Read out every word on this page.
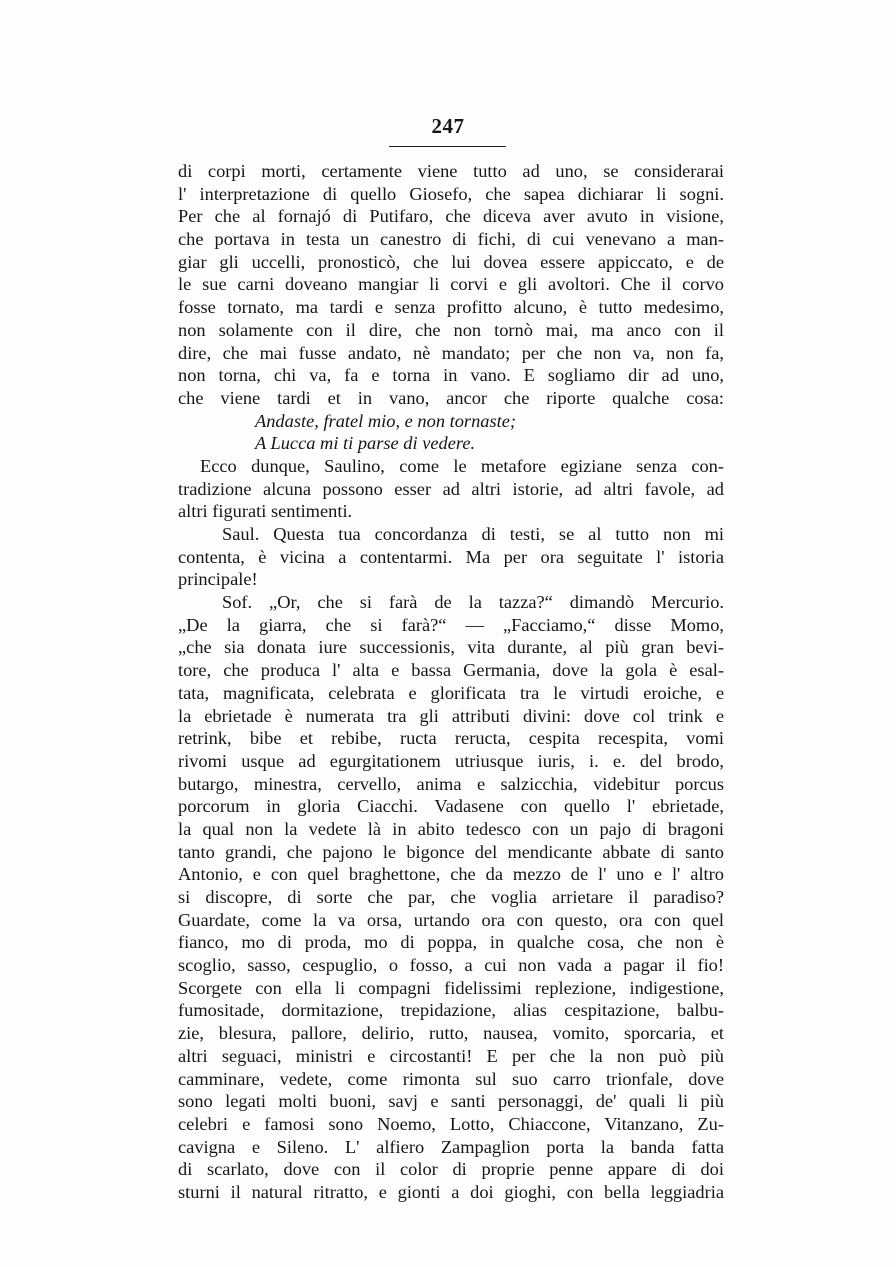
247
di corpi morti, certamente viene tutto ad uno, se considerarai
l' interpretazione di quello Giosefo, che sapea dichiarar li sogni.
Per che al fornajó di Putifaro, che diceva aver avuto in visione,
che portava in testa un canestro di fichi, di cui venevano a man-
giar gli uccelli, pronosticò, che lui dovea essere appiccato, e de
le sue carni doveano mangiar li corvi e gli avoltori. Che il corvo
fosse tornato, ma tardi e senza profitto alcuno, è tutto medesimo,
non solamente con il dire, che non tornò mai, ma anco con il
dire, che mai fusse andato, nè mandato; per che non va, non fa,
non torna, chi va, fa e torna in vano. E sogliamo dir ad uno,
che viene tardi et in vano, ancor che riporte qualche cosa:
Andaste, fratel mio, e non tornaste;
A Lucca mi ti parse di vedere.
Ecco dunque, Saulino, come le metafore egiziane senza con-
tradizione alcuna possono esser ad altri istorie, ad altri favole, ad
altri figurati sentimenti.
Saul. Questa tua concordanza di testi, se al tutto non mi
contenta, è vicina a contentarmi. Ma per ora seguitate l' istoria
principale!
Sof. „Or, che si farà de la tazza?“ dimandò Mercurio.
„De la giarra, che si farà?“ — „Facciamo,“ disse Momo,
„che sia donata iure successionis, vita durante, al più gran bevi-
tore, che produca l' alta e bassa Germania, dove la gola è esal-
tata, magnificata, celebrata e glorificata tra le virtudi eroiche, e
la ebrietade è numerata tra gli attributi divini: dove col trink e
retrink, bibe et rebibe, ructa reructa, cespita recespita, vomi
rivomi usque ad egurgitationem utriusque iuris, i. e. del brodo,
butargo, minestra, cervello, anima e salzicchia, videbitur porcus
porcorum in gloria Ciacchi. Vadasene con quello l' ebrietade,
la qual non la vedete là in abito tedesco con un pajo di bragoni
tanto grandi, che pajono le bigonce del mendicante abbate di santo
Antonio, e con quel braghettone, che da mezzo de l' uno e l' altro
si discopre, di sorte che par, che voglia arrietare il paradiso?
Guardate, come la va orsa, urtando ora con questo, ora con quel
fianco, mo di proda, mo di poppa, in qualche cosa, che non è
scoglio, sasso, cespuglio, o fosso, a cui non vada a pagar il fio!
Scorgete con ella li compagni fidelissimi replezione, indigestione,
fumositade, dormitazione, trepidazione, alias cespitazione, balbu-
zie, blesura, pallore, delirio, rutto, nausea, vomito, sporcaria, et
altri seguaci, ministri e circostanti! E per che la non può più
camminare, vedete, come rimonta sul suo carro trionfale, dove
sono legati molti buoni, savj e santi personaggi, de' quali li più
celebri e famosi sono Noemo, Lotto, Chiaccone, Vitanzano, Zu-
cavigna e Sileno. L' alfiero Zampaglion porta la banda fatta
di scarlato, dove con il color di proprie penne appare di doi
sturni il natural ritratto, e gionti a doi gioghi, con bella leggiadria
